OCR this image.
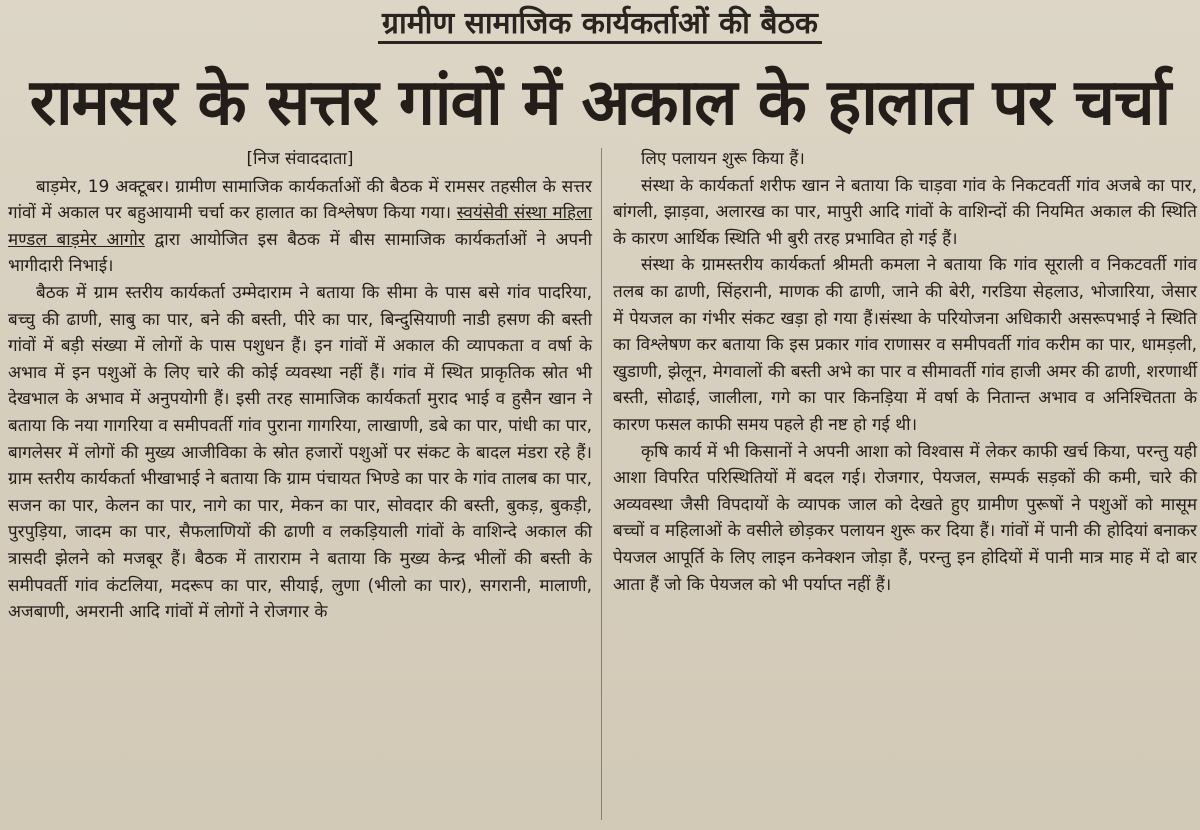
ग्रामीण सामाजिक कार्यकर्ताओं की बैठक
रामसर के सत्तर गांवों में अकाल के हालात पर चर्चा
[निज संवाददाता]

बाड़मेर, 19 अक्टूबर। ग्रामीण सामाजिक कार्यकर्ताओं की बैठक में रामसर तहसील के सत्तर गांवों में अकाल पर बहुआयामी चर्चा कर हालात का विश्लेषण किया गया। स्वयंसेवी संस्था महिला मण्डल बाड़मेर आगोर द्वारा आयोजित इस बैठक में बीस सामाजिक कार्यकर्ताओं ने अपनी भागीदारी निभाई।

बैठक में ग्राम स्तरीय कार्यकर्ता उम्मेदाराम ने बताया कि सीमा के पास बसे गांव पादरिया, बच्चु की ढाणी, साबु का पार, बने की बस्ती, पीरे का पार, बिन्दुसियाणी नाडी हसण की बस्ती गांवों में बड़ी संख्या में लोगों के पास पशुधन हैं। इन गांवों में अकाल की व्यापकता व वर्षा के अभाव में इन पशुओं के लिए चारे की कोई व्यवस्था नहीं हैं। गांव में स्थित प्राकृतिक स्रोत भी देखभाल के अभाव में अनुपयोगी हैं। इसी तरह सामाजिक कार्यकर्ता मुराद भाई व हुसैन खान ने बताया कि नया गागरिया व समीपवर्ती गांव पुराना गागरिया, लाखाणी, डबे का पार, पांधी का पार, बागलेसर में लोगों की मुख्य आजीविका के स्रोत हजारों पशुओं पर संकट के बादल मंडरा रहे हैं। ग्राम स्तरीय कार्यकर्ता भीखाभाई ने बताया कि ग्राम पंचायत भिण्डे का पार के गांव तालब का पार, सजन का पार, केलन का पार, नागे का पार, मेकन का पार, सोवदार की बस्ती, बुकड़, बुकड़ी, पुरपुड़िया, जादम का पार, सैफलाणियों की ढाणी व लकड़ियाली गांवों के वाशिन्दे अकाल की त्रासदी झेलने को मजबूर हैं। बैठक में ताराराम ने बताया कि मुख्य केन्द्र भीलों की बस्ती के समीपवर्ती गांव कंटलिया, मदरूप का पार, सीयाई, लुणा (भीलो का पार), सगरानी, मालाणी, अजबाणी, अमरानी आदि गांवों में लोगों ने रोजगार के

लिए पलायन शुरू किया हैं।

संस्था के कार्यकर्ता शरीफ खान ने बताया कि चाड़वा गांव के निकटवर्ती गांव अजबे का पार, बांगली, झाड़वा, अलारख का पार, मापुरी आदि गांवों के वाशिन्दों की नियमित अकाल की स्थिति के कारण आर्थिक स्थिति भी बुरी तरह प्रभावित हो गई हैं।

संस्था के ग्रामस्तरीय कार्यकर्ता श्रीमती कमला ने बताया कि गांव सूराली व निकटवर्ती गांव तलब का ढाणी, सिंहरानी, माणक की ढाणी, जाने की बेरी, गरडिया सेहलाउ, भोजारिया, जेसार में पेयजल का गंभीर संकट खड़ा हो गया हैं।संस्था के परियोजना अधिकारी असरूपभाई ने स्थिति का विश्लेषण कर बताया कि इस प्रकार गांव राणासर व समीपवर्ती गांव करीम का पार, धामड़ली, खुडाणी, झेलून, मेगवालों की बस्ती अभे का पार व सीमावर्ती गांव हाजी अमर की ढाणी, शरणार्थी बस्ती, सोढाई, जालीला, गगे का पार किनड़िया में वर्षा के नितान्त अभाव व अनिश्चितता के कारण फसल काफी समय पहले ही नष्ट हो गई थी।

कृषि कार्य में भी किसानों ने अपनी आशा को विश्वास में लेकर काफी खर्च किया, परन्तु यही आशा विपरित परिस्थितियों में बदल गई। रोजगार, पेयजल, सम्पर्क सड़कों की कमी, चारे की अव्यवस्था जैसी विपदायों के व्यापक जाल को देखते हुए ग्रामीण पुरूषों ने पशुओं को मासूम बच्चों व महिलाओं के वसीले छोड़कर पलायन शुरू कर दिया हैं। गांवों में पानी की होदियां बनाकर पेयजल आपूर्ति के लिए लाइन कनेक्शन जोड़ा हैं, परन्तु इन होदियों में पानी मात्र माह में दो बार आता हैं जो कि पेयजल को भी पर्याप्त नहीं हैं।
